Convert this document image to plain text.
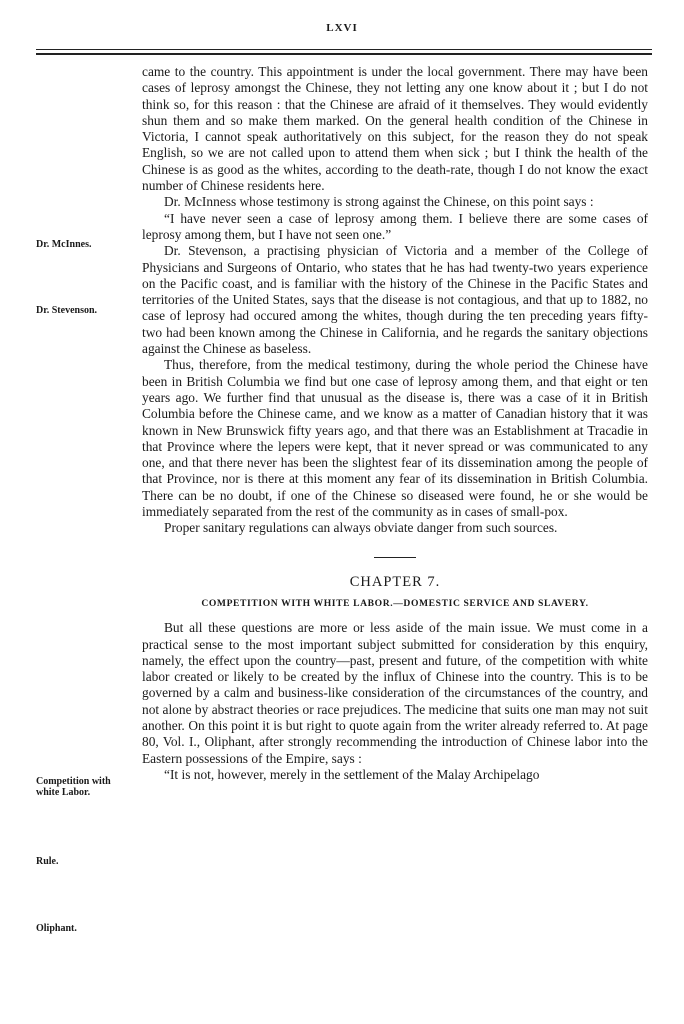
LXVI
Dr. McInnes.
Dr. Stevenson.
Competition with white Labor.
Rule.
Oliphant.

came to the country. This appointment is under the local government. There may have been cases of leprosy amongst the Chinese, they not letting any one know about it ; but I do not think so, for this reason : that the Chinese are afraid of it themselves. They would evidently shun them and so make them marked. On the general health condition of the Chinese in Victoria, I cannot speak authoritatively on this subject, for the reason they do not speak English, so we are not called upon to attend them when sick ; but I think the health of the Chinese is as good as the whites, according to the death-rate, though I do not know the exact number of Chinese residents here.

Dr. McInness whose testimony is strong against the Chinese, on this point says :

“I have never seen a case of leprosy among them. I believe there are some cases of leprosy among them, but I have not seen one.”

Dr. Stevenson, a practising physician of Victoria and a member of the College of Physicians and Surgeons of Ontario, who states that he has had twenty-two years experience on the Pacific coast, and is familiar with the history of the Chinese in the Pacific States and territories of the United States, says that the disease is not contagious, and that up to 1882, no case of leprosy had occured among the whites, though during the ten preceding years fifty-two had been known among the Chinese in California, and he regards the sanitary objections against the Chinese as baseless.

Thus, therefore, from the medical testimony, during the whole period the Chinese have been in British Columbia we find but one case of leprosy among them, and that eight or ten years ago. We further find that unusual as the disease is, there was a case of it in British Columbia before the Chinese came, and we know as a matter of Canadian history that it was known in New Brunswick fifty years ago, and that there was an Establishment at Tracadie in that Province where the lepers were kept, that it never spread or was communicated to any one, and that there never has been the slightest fear of its dissemination among the people of that Province, nor is there at this moment any fear of its dissemination in British Columbia. There can be no doubt, if one of the Chinese so diseased were found, he or she would be immediately separated from the rest of the community as in cases of small-pox.

Proper sanitary regulations can always obviate danger from such sources.

CHAPTER 7.
COMPETITION WITH WHITE LABOR.—DOMESTIC SERVICE AND SLAVERY.

But all these questions are more or less aside of the main issue. We must come in a practical sense to the most important subject submitted for consideration by this enquiry, namely, the effect upon the country—past, present and future, of the competition with white labor created or likely to be created by the influx of Chinese into the country. This is to be governed by a calm and business-like consideration of the circumstances of the country, and not alone by abstract theories or race prejudices. The medicine that suits one man may not suit another. On this point it is but right to quote again from the writer already referred to. At page 80, Vol. I., Oliphant, after strongly recommending the introduction of Chinese labor into the Eastern possessions of the Empire, says :

“It is not, however, merely in the settlement of the Malay Archipelago
